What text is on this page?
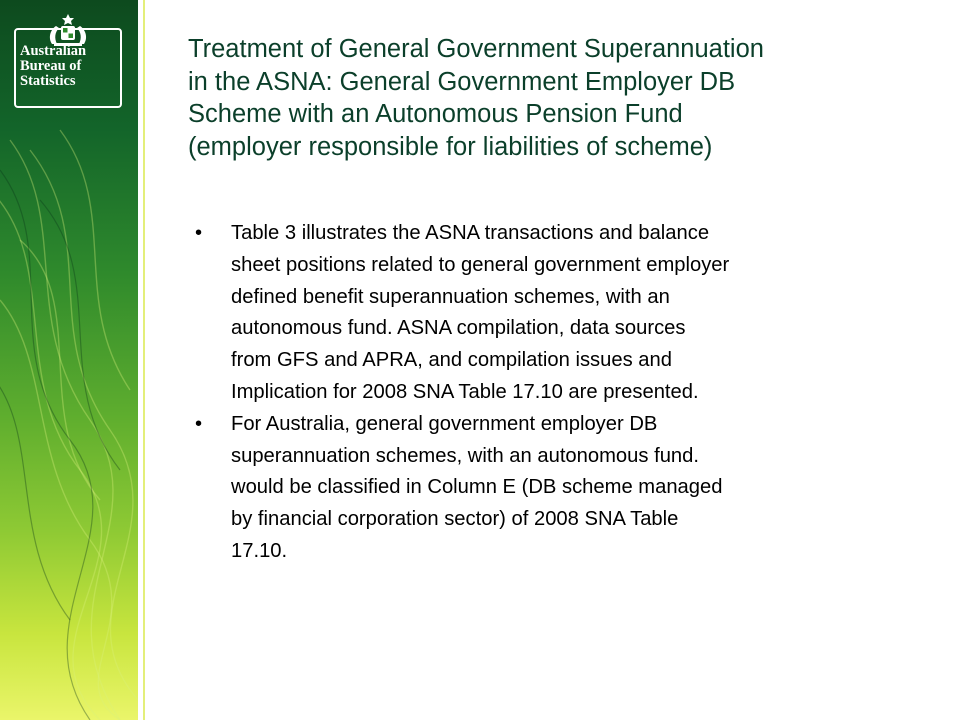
Australian
Bureau of
Statistics
Treatment of General Government Superannuation
in the ASNA: General Government Employer DB
Scheme with an Autonomous Pension Fund
(employer responsible for liabilities of scheme)
• Table 3 illustrates the ASNA transactions and balance
sheet positions related to general government employer
defined benefit superannuation schemes, with an
autonomous fund. ASNA compilation, data sources
from GFS and APRA, and compilation issues and
Implication for 2008 SNA Table 17.10 are presented.
• For Australia, general government employer DB
superannuation schemes, with an autonomous fund.
would be classified in Column E (DB scheme managed
by financial corporation sector) of 2008 SNA Table
17.10.
